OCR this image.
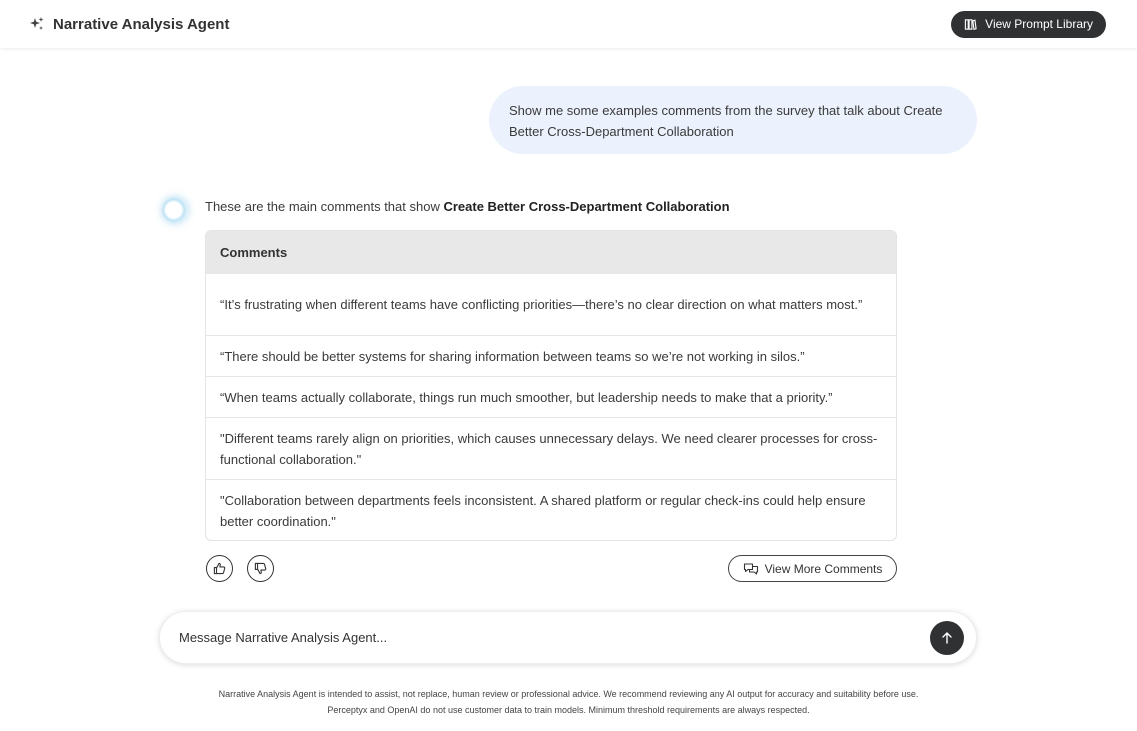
Narrative Analysis Agent	View Prompt Library
Show me some examples comments from the survey that talk about Create Better Cross-Department Collaboration
These are the main comments that show Create Better Cross-Department Collaboration
Comments
“It’s frustrating when different teams have conflicting priorities—there’s no clear direction on what matters most.”
“There should be better systems for sharing information between teams so we’re not working in silos.”
“When teams actually collaborate, things run much smoother, but leadership needs to make that a priority.”
"Different teams rarely align on priorities, which causes unnecessary delays. We need clearer processes for cross-functional collaboration."
"Collaboration between departments feels inconsistent. A shared platform or regular check-ins could help ensure better coordination."
View More Comments
Message Narrative Analysis Agent...
Narrative Analysis Agent is intended to assist, not replace, human review or professional advice. We recommend reviewing any AI output for accuracy and suitability before use.
Perceptyx and OpenAI do not use customer data to train models. Minimum threshold requirements are always respected.
